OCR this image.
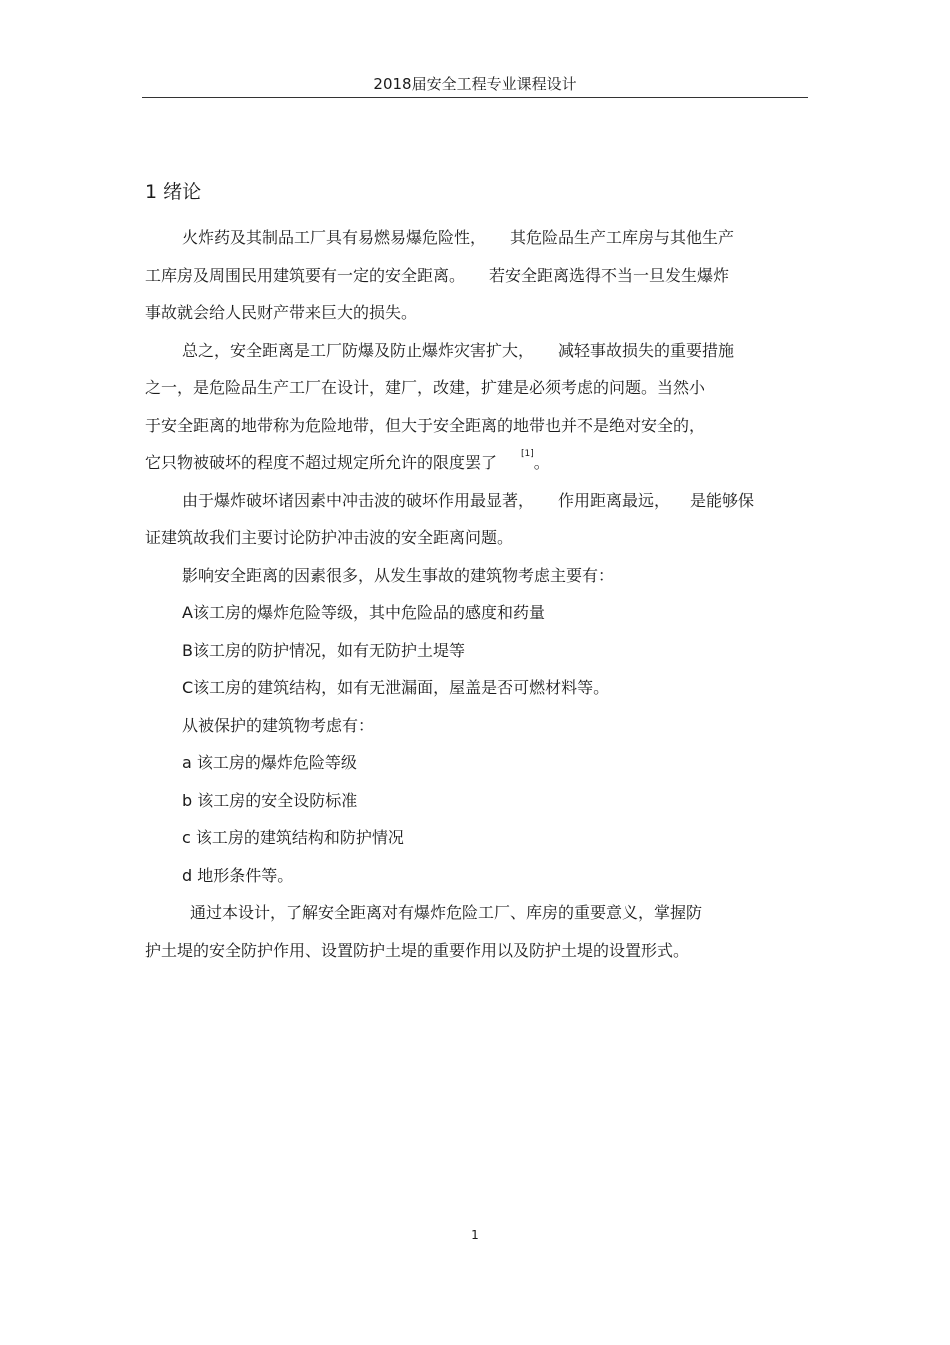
2018届安全工程专业课程设计
1 绪论
火炸药及其制品工厂具有易燃易爆危险性， 其危险品生产工库房与其他生产
工库房及周围民用建筑要有一定的安全距离。 若安全距离选得不当一旦发生爆炸
事故就会给人民财产带来巨大的损失。
总之，安全距离是工厂防爆及防止爆炸灾害扩大， 减轻事故损失的重要措施
之一，是危险品生产工厂在设计，建厂，改建，扩建是必须考虑的问题。当然小
于安全距离的地带称为危险地带，但大于安全距离的地带也并不是绝对安全的，
它只物被破坏的程度不超过规定所允许的限度罢了	[1]。
由于爆炸破坏诸因素中冲击波的破坏作用最显著， 作用距离最远， 是能够保
证建筑故我们主要讨论防护冲击波的安全距离问题。
影响安全距离的因素很多，从发生事故的建筑物考虑主要有：
A该工房的爆炸危险等级，其中危险品的感度和药量
B该工房的防护情况，如有无防护土堤等
C该工房的建筑结构，如有无泄漏面，屋盖是否可燃材料等。
从被保护的建筑物考虑有：
a 该工房的爆炸危险等级
b 该工房的安全设防标准
c 该工房的建筑结构和防护情况
d 地形条件等。
通过本设计，了解安全距离对有爆炸危险工厂、库房的重要意义，掌握防
护土堤的安全防护作用、设置防护土堤的重要作用以及防护土堤的设置形式。
1
